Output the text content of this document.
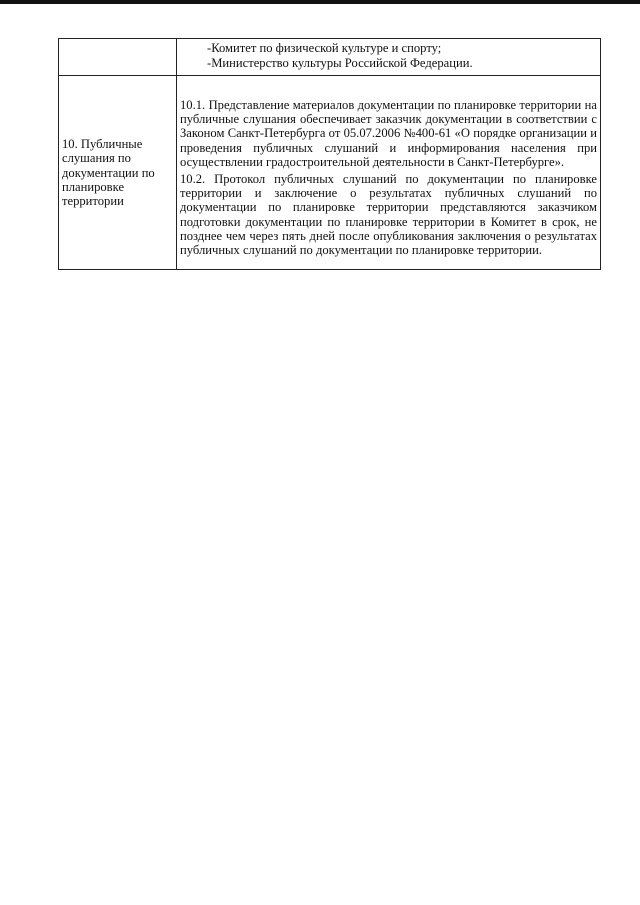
	-Комитет по физической культуре и спорту;
-Министерство культуры Российской Федерации.

10. Публичные слушания по документации по планировке территории	10.1. Представление материалов документации по планировке территории на публичные слушания обеспечивает заказчик документации в соответствии с Законом Санкт-Петербурга от 05.07.2006 №400-61 «О порядке организации и проведения публичных слушаний и информирования населения при осуществлении градостроительной деятельности в Санкт-Петербурге».

10.2. Протокол публичных слушаний по документации по планировке территории и заключение о результатах публичных слушаний по документации по планировке территории представляются заказчиком подготовки документации по планировке территории в Комитет в срок, не позднее чем через пять дней после опубликования заключения о результатах публичных слушаний по документации по планировке территории.
